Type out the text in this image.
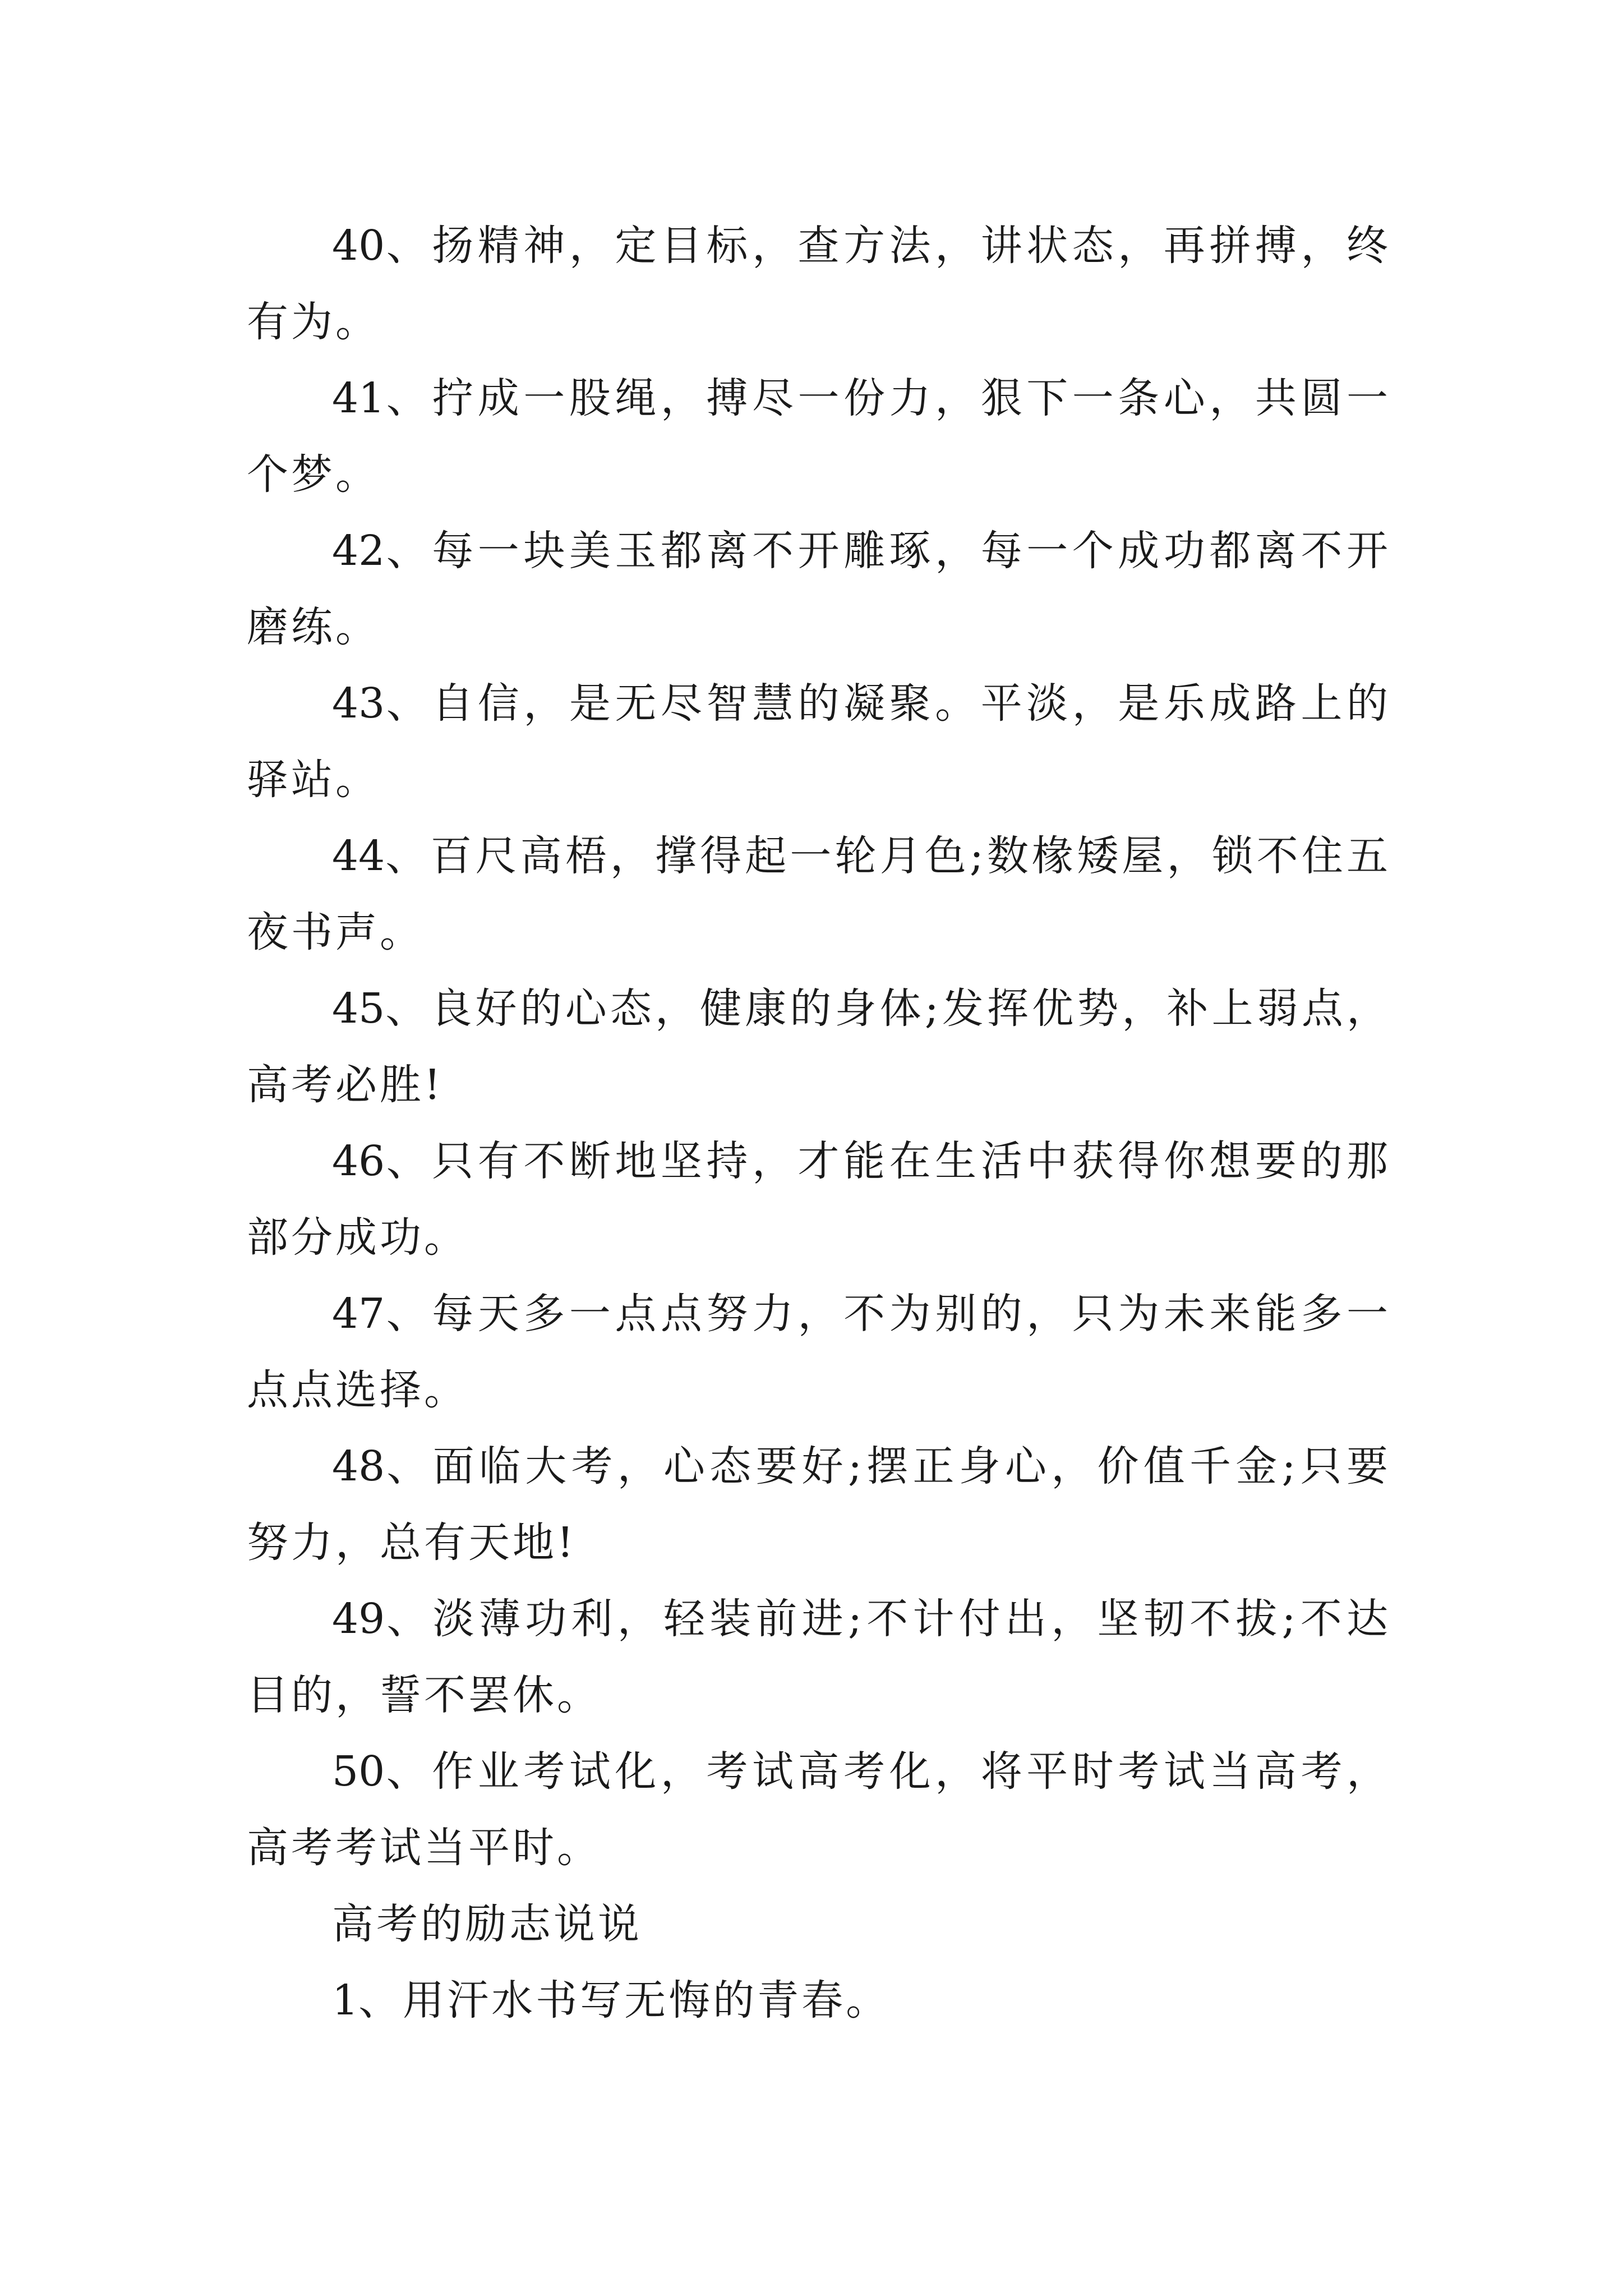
40、扬精神，定目标，查方法，讲状态，再拼搏，终有为。

41、拧成一股绳，搏尽一份力，狠下一条心，共圆一个梦。

42、每一块美玉都离不开雕琢，每一个成功都离不开磨练。

43、自信，是无尽智慧的凝聚。平淡，是乐成路上的驿站。

44、百尺高梧，撑得起一轮月色;数椽矮屋，锁不住五夜书声。

45、良好的心态，健康的身体;发挥优势，补上弱点，高考必胜!

46、只有不断地坚持，才能在生活中获得你想要的那部分成功。

47、每天多一点点努力，不为别的，只为未来能多一点点选择。

48、面临大考，心态要好;摆正身心，价值千金;只要努力，总有天地!

49、淡薄功利，轻装前进;不计付出，坚韧不拔;不达目的，誓不罢休。

50、作业考试化，考试高考化，将平时考试当高考，高考考试当平时。

高考的励志说说

1、用汗水书写无悔的青春。
